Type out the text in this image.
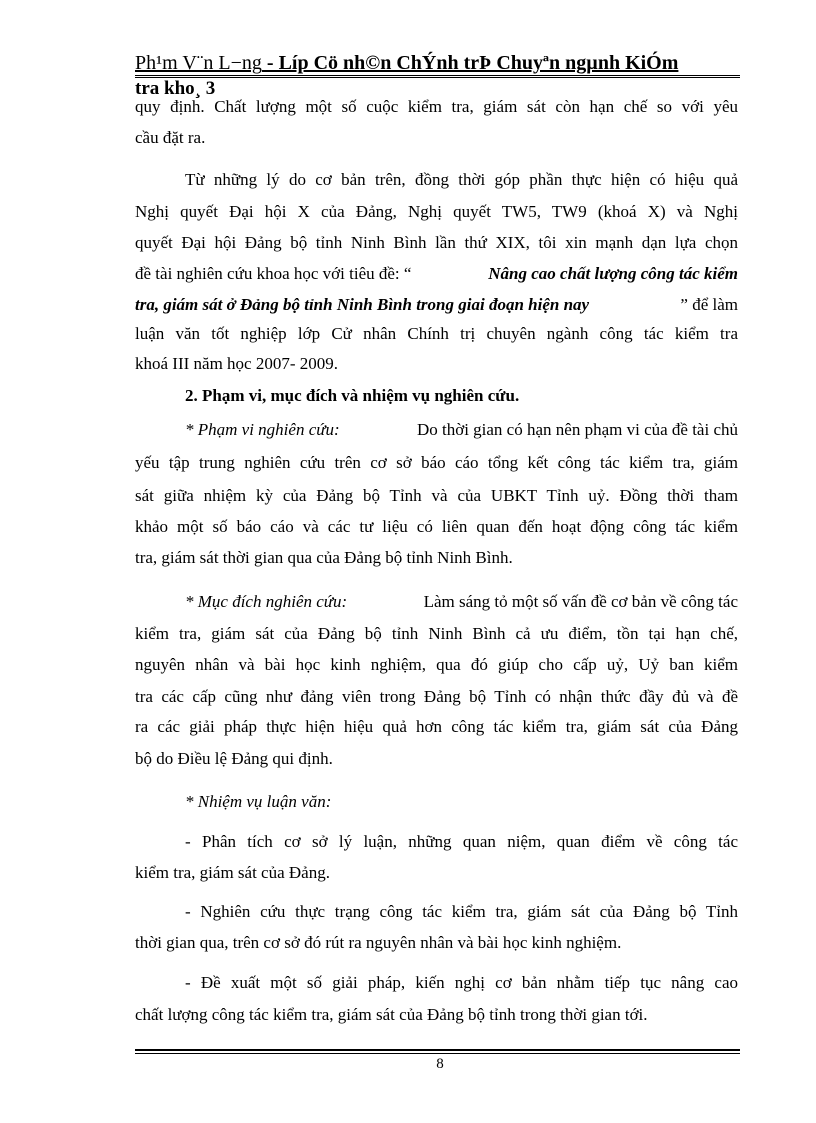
Ph¹m V¨n L−ng - Líp Cö nh©n ChÝnh trÞ Chuyªn ngµnh KiÓm
tra kho¸ 3
quy định. Chất lượng một số cuộc kiểm tra, giám sát còn hạn chế so với yêu
cầu đặt ra.
Từ những lý do cơ bản trên, đồng thời góp phần thực hiện có hiệu quả
Nghị quyết Đại hội X của Đảng, Nghị quyết TW5, TW9 (khoá X) và Nghị
quyết Đại hội Đảng bộ tỉnh Ninh Bình lần thứ XIX, tôi xin mạnh dạn lựa chọn
đề tài nghiên cứu khoa học với tiêu đề: “	Nâng cao chất lượng công tác kiểm
tra, giám sát ở Đảng bộ tỉnh Ninh Bình trong giai đoạn hiện nay	” để làm
luận văn tốt nghiệp lớp Cử nhân Chính trị chuyên ngành công tác kiểm tra
khoá III năm học 2007- 2009.
2. Phạm vi, mục đích và nhiệm vụ nghiên cứu.
* Phạm vi nghiên cứu:	Do thời gian có hạn nên phạm vi của đề tài chủ
yếu tập trung nghiên cứu trên cơ sở báo cáo tổng kết công tác kiểm tra, giám
sát giữa nhiệm kỳ của Đảng bộ Tỉnh và của UBKT Tỉnh uỷ. Đồng thời tham
khảo một số báo cáo và các tư liệu có liên quan đến hoạt động công tác kiểm
tra, giám sát thời gian qua của Đảng bộ tỉnh Ninh Bình.
* Mục đích nghiên cứu:	Làm sáng tỏ một số vấn đề cơ bản về công tác
kiểm tra, giám sát của Đảng bộ tỉnh Ninh Bình cả ưu điểm, tồn tại hạn chế,
nguyên nhân và bài học kinh nghiệm, qua đó giúp cho cấp uỷ, Uỷ ban kiểm
tra các cấp cũng như đảng viên trong Đảng bộ Tỉnh có nhận thức đầy đủ và đề
ra các giải pháp thực hiện hiệu quả hơn công tác kiểm tra, giám sát của Đảng
bộ do Điều lệ Đảng qui định.
* Nhiệm vụ luận văn:
- Phân tích cơ sở lý luận, những quan niệm, quan điểm về công tác
kiểm tra, giám sát của Đảng.
- Nghiên cứu thực trạng công tác kiểm tra, giám sát của Đảng bộ Tỉnh
thời gian qua, trên cơ sở đó rút ra nguyên nhân và bài học kinh nghiệm.
- Đề xuất một số giải pháp, kiến nghị cơ bản nhằm tiếp tục nâng cao
chất lượng công tác kiểm tra, giám sát của Đảng bộ tỉnh trong thời gian tới.
8
